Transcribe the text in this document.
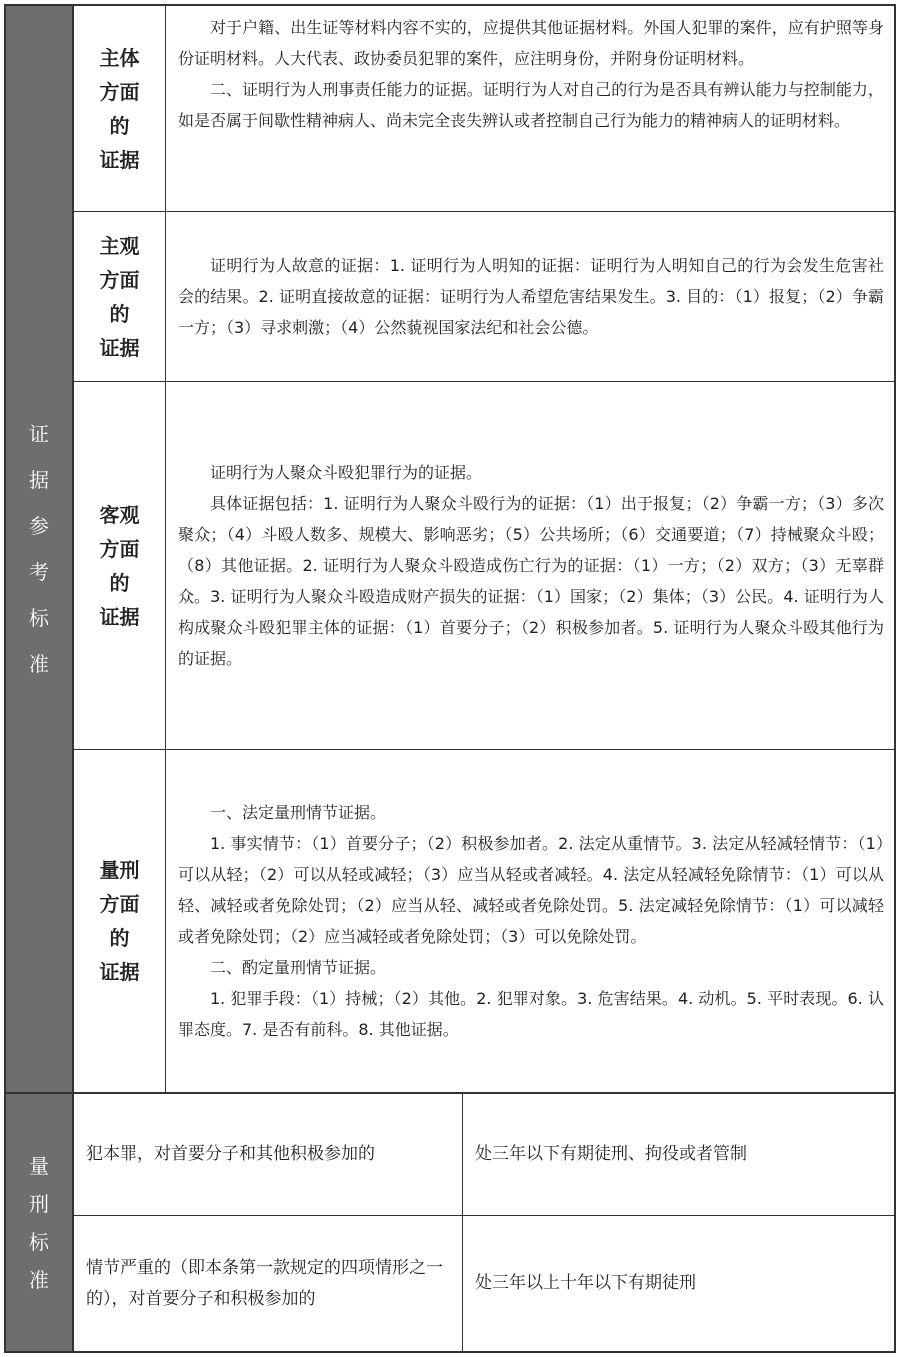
证据参考标准
主体
方面
的
证据

对于户籍、出生证等材料内容不实的，应提供其他证据材料。外国人犯罪的案件，应有护照等身份证明材料。人大代表、政协委员犯罪的案件，应注明身份，并附身份证明材料。

二、证明行为人刑事责任能力的证据。证明行为人对自己的行为是否具有辨认能力与控制能力，如是否属于间歇性精神病人、尚未完全丧失辨认或者控制自己行为能力的精神病人的证明材料。

主观
方面
的
证据

证明行为人故意的证据：1. 证明行为人明知的证据：证明行为人明知自己的行为会发生危害社会的结果。2. 证明直接故意的证据：证明行为人希望危害结果发生。3. 目的：（1）报复；（2）争霸一方；（3）寻求刺激；（4）公然藐视国家法纪和社会公德。

客观
方面
的
证据

证明行为人聚众斗殴犯罪行为的证据。

具体证据包括：1. 证明行为人聚众斗殴行为的证据：（1）出于报复；（2）争霸一方；（3）多次聚众；（4）斗殴人数多、规模大、影响恶劣；（5）公共场所；（6）交通要道；（7）持械聚众斗殴；（8）其他证据。2. 证明行为人聚众斗殴造成伤亡行为的证据：（1）一方；（2）双方；（3）无辜群众。3. 证明行为人聚众斗殴造成财产损失的证据：（1）国家；（2）集体；（3）公民。4. 证明行为人构成聚众斗殴犯罪主体的证据：（1）首要分子；（2）积极参加者。5. 证明行为人聚众斗殴其他行为的证据。

量刑
方面
的
证据

一、法定量刑情节证据。

1. 事实情节：（1）首要分子；（2）积极参加者。2. 法定从重情节。3. 法定从轻减轻情节：（1）可以从轻；（2）可以从轻或减轻；（3）应当从轻或者减轻。4. 法定从轻减轻免除情节：（1）可以从轻、减轻或者免除处罚；（2）应当从轻、减轻或者免除处罚。5. 法定减轻免除情节：（1）可以减轻或者免除处罚；（2）应当减轻或者免除处罚；（3）可以免除处罚。

二、酌定量刑情节证据。

1. 犯罪手段：（1）持械；（2）其他。2. 犯罪对象。3. 危害结果。4. 动机。5. 平时表现。6. 认罪态度。7. 是否有前科。8. 其他证据。

量刑标准
犯本罪，对首要分子和其他积极参加的	处三年以下有期徒刑、拘役或者管制
情节严重的（即本条第一款规定的四项情形之一的），对首要分子和积极参加的
处三年以上十年以下有期徒刑
